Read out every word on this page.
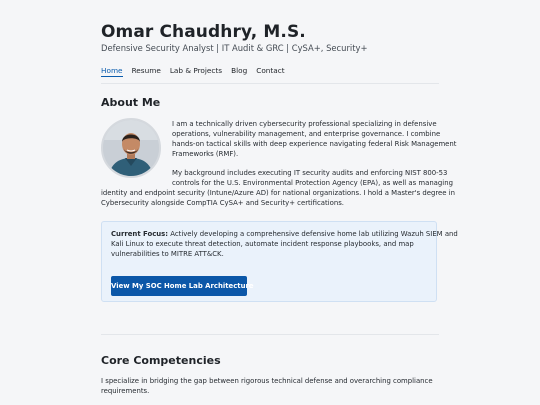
Omar Chaudhry, M.S.

Defensive Security Analyst | IT Audit & GRC | CySA+, Security+

Home Resume Lab & Projects Blog Contact
About Me

I am a technically driven cybersecurity professional specializing in defensive
operations, vulnerability management, and enterprise governance. I combine
hands-on tactical skills with deep experience navigating federal Risk Management
Frameworks (RMF).

My background includes executing IT security audits and enforcing NIST 800-53
controls for the U.S. Environmental Protection Agency (EPA), as well as managing
identity and endpoint security (Intune/Azure AD) for national organizations. I hold a Master's degree in
Cybersecurity alongside CompTIA CySA+ and Security+ certifications.

Current Focus: Actively developing a comprehensive defensive home lab utilizing Wazuh SIEM and
Kali Linux to execute threat detection, automate incident response playbooks, and map
vulnerabilities to MITRE ATT&CK.

View My SOC Home Lab Architecture
Core Competencies

I specialize in bridging the gap between rigorous technical defense and overarching compliance
requirements.
